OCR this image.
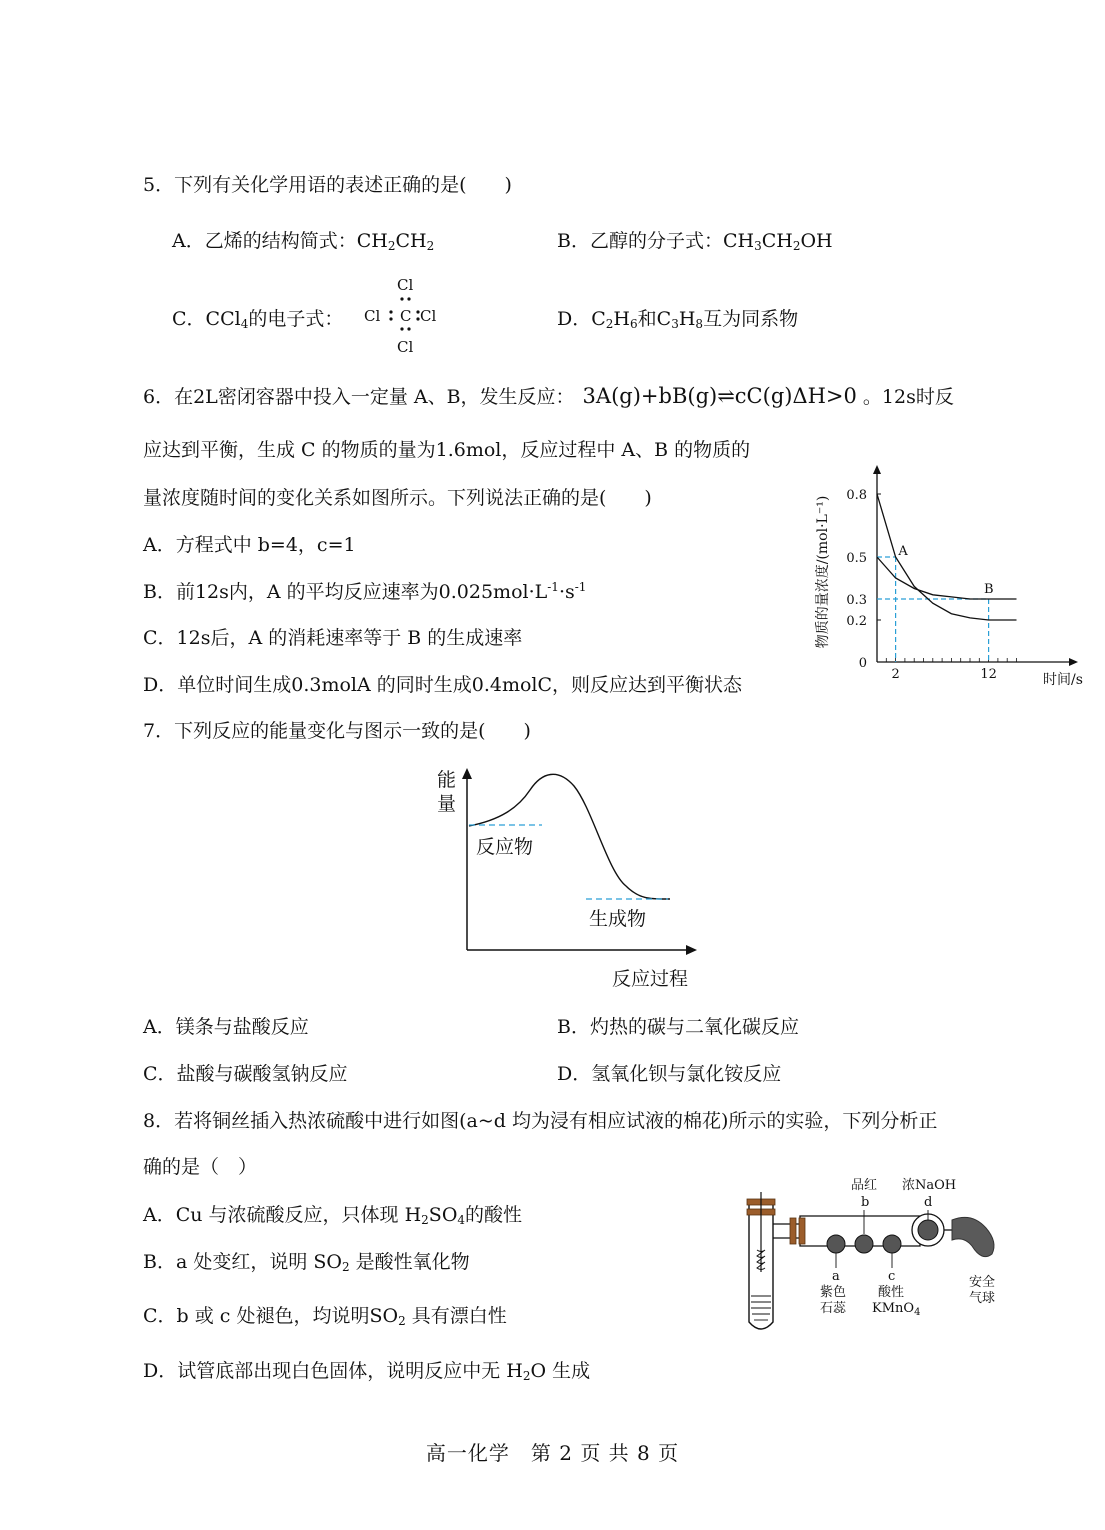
5．下列有关化学用语的表述正确的是(　　)
A．乙烯的结构简式：$CH_2CH_2$	B．乙醇的分子式：$CH_3CH_2OH$
C．CCl$_4$的电子式：
Cl
Cl
Cl C Cl	D．$C_2H_6$和$C_3H_8$互为同系物
6．在2L密闭容器中投入一定量 A、B，发生反应： 3A(g)+bB(g)⇌cC(g)ΔH>0 。12s时反
应达到平衡，生成 C 的物质的量为1.6mol，反应过程中 A、B 的物质的
量浓度随时间的变化关系如图所示。下列说法正确的是(　　)
A．方程式中 b=4，c=1
B．前12s内，A 的平均反应速率为$0.025mol\cdot L^{-1}\cdot s^{-1}$
C．12s后，A 的消耗速率等于 B 的生成速率
D．单位时间生成0.3molA 的同时生成0.4molC，则反应达到平衡状态
物质的量浓度/(mol·L⁻¹)
0.8
0.5
0.3
0.2
0
2	12
A
B
时间/s
7．下列反应的能量变化与图示一致的是(　　)
能量
反应物
生成物
反应过程
A．镁条与盐酸反应	B．灼热的碳与二氧化碳反应
C．盐酸与碳酸氢钠反应	D．氢氧化钡与氯化铵反应
8．若将铜丝插入热浓硫酸中进行如图(a~d 均为浸有相应试液的棉花)所示的实验，下列分析正
确的是（　）
A．Cu 与浓硫酸反应，只体现 $H_2SO_4$的酸性
B．a 处变红，说明 $SO_2$ 是酸性氧化物
C．b 或 c 处褪色，均说明$SO_2$ 具有漂白性
D．试管底部出现白色固体，说明反应中无 $H_2O$ 生成
品红
b
浓NaOH
d
a
紫色
石蕊
c
酸性
KMnO$_4$
安全
气球
高一化学　第 2 页 共 8 页
